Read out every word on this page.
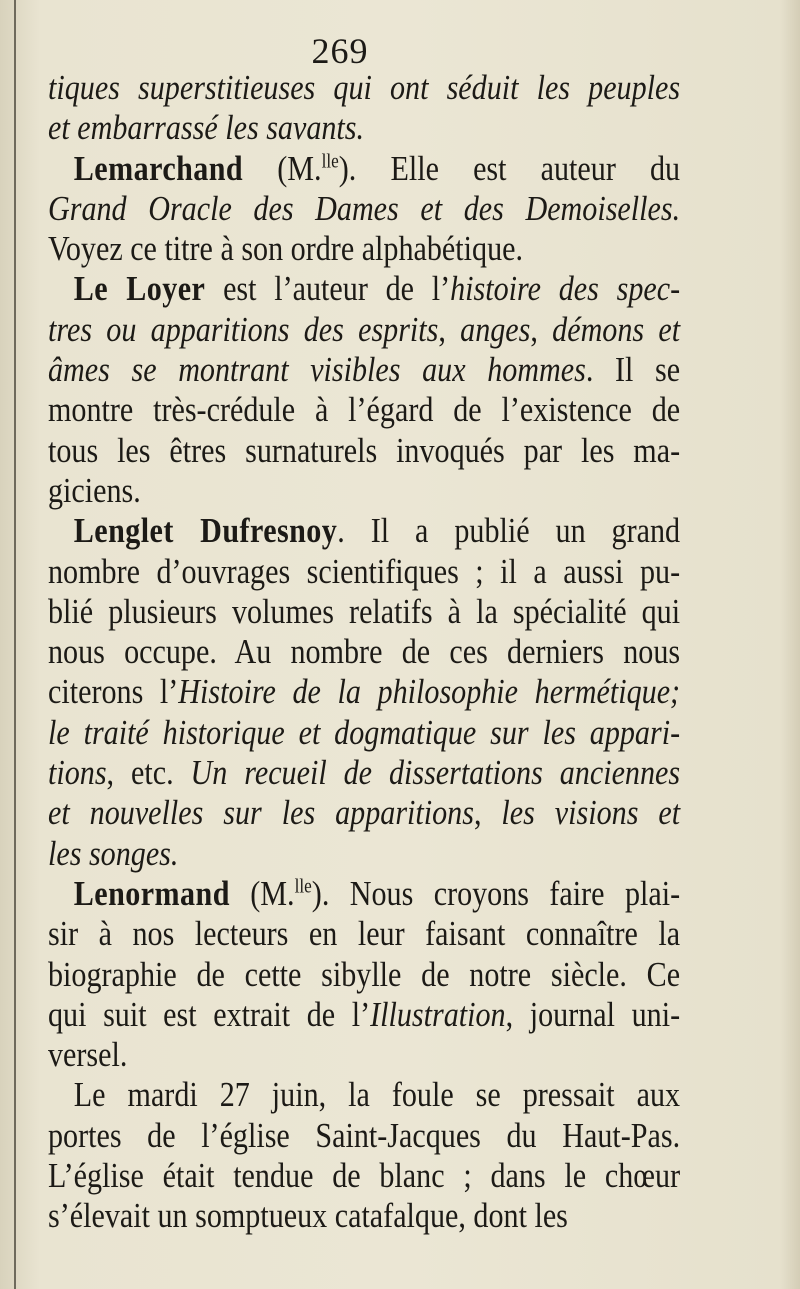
269
tiques superstitieuses qui ont séduit les peuples
et embarrassé les savants.
Lemarchand (M.$^{lle}$). Elle est auteur du
Grand Oracle des Dames et des Demoiselles.
Voyez ce titre à son ordre alphabétique.
Le Loyer est l’auteur de l’histoire des spec-
tres ou apparitions des esprits, anges, démons et
âmes se montrant visibles aux hommes. Il se
montre très-crédule à l’égard de l’existence de
tous les êtres surnaturels invoqués par les ma-
giciens.
Lenglet Dufresnoy. Il a publié un grand
nombre d’ouvrages scientifiques ; il a aussi pu-
blié plusieurs volumes relatifs à la spécialité qui
nous occupe. Au nombre de ces derniers nous
citerons l’Histoire de la philosophie hermétique;
le traité historique et dogmatique sur les appari-
tions, etc. Un recueil de dissertations anciennes
et nouvelles sur les apparitions, les visions et
les songes.
Lenormand (M.$^{lle}$). Nous croyons faire plai-
sir à nos lecteurs en leur faisant connaître la
biographie de cette sibylle de notre siècle. Ce
qui suit est extrait de l’Illustration, journal uni-
versel.
Le mardi 27 juin, la foule se pressait aux
portes de l’église Saint-Jacques du Haut-Pas.
L’église était tendue de blanc ; dans le chœur
s’élevait un somptueux catafalque, dont les
